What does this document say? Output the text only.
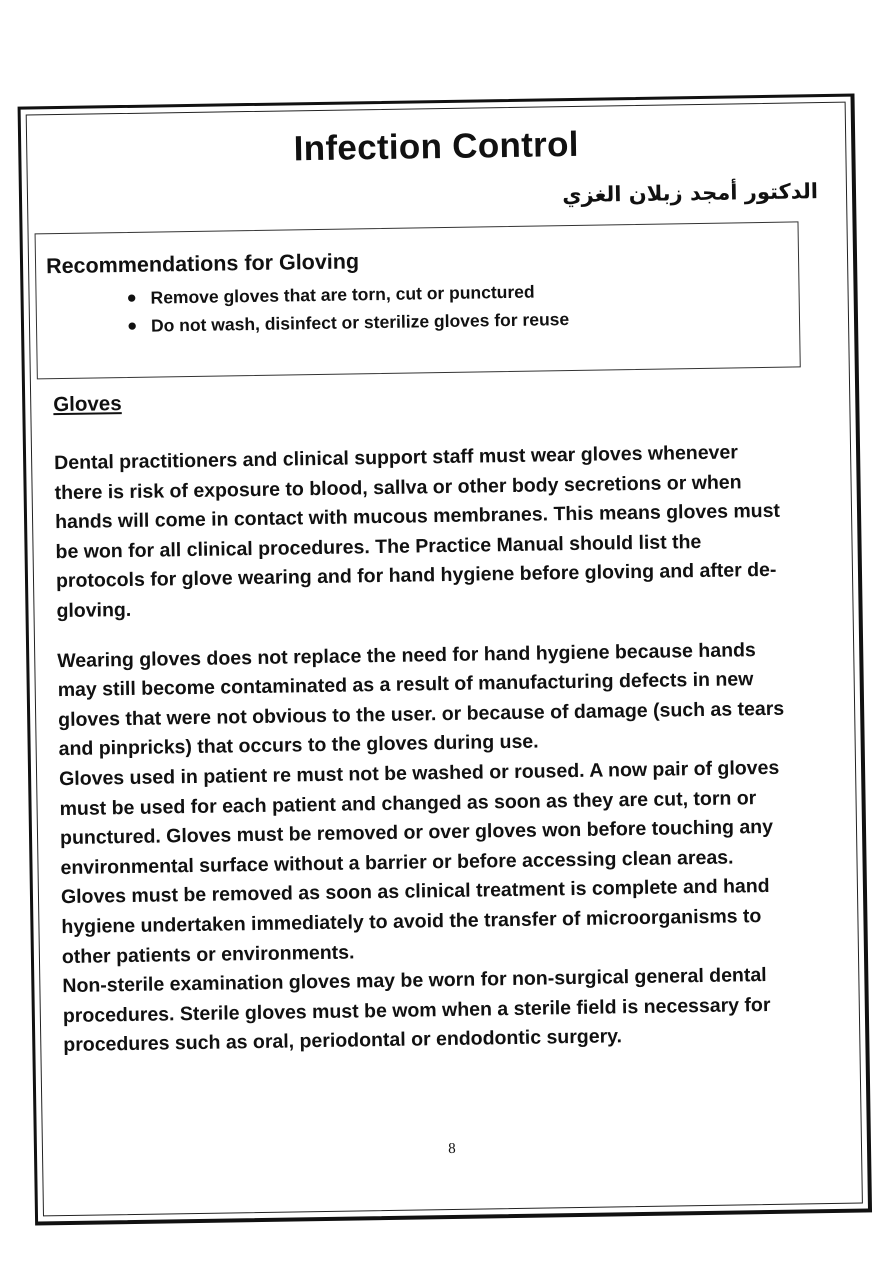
Infection Control
الدكتور أمجد زبلان الغزي
Recommendations for Gloving
● Remove gloves that are torn, cut or punctured
● Do not wash, disinfect or sterilize gloves for reuse
Gloves

Dental practitioners and clinical support staff must wear gloves whenever there is risk of exposure to blood, sallva or other body secretions or when hands will come in contact with mucous membranes. This means gloves must be won for all clinical procedures. The Practice Manual should list the protocols for glove wearing and for hand hygiene before gloving and after de-gloving.

Wearing gloves does not replace the need for hand hygiene because hands may still become contaminated as a result of manufacturing defects in new gloves that were not obvious to the user. or because of damage (such as tears and pinpricks) that occurs to the gloves during use.

Gloves used in patient re must not be washed or roused. A now pair of gloves must be used for each patient and changed as soon as they are cut, torn or punctured. Gloves must be removed or over gloves won before touching any environmental surface without a barrier or before accessing clean areas. Gloves must be removed as soon as clinical treatment is complete and hand hygiene undertaken immediately to avoid the transfer of microorganisms to other patients or environments.

Non-sterile examination gloves may be worn for non-surgical general dental procedures. Sterile gloves must be wom when a sterile field is necessary for procedures such as oral, periodontal or endodontic surgery.

8
